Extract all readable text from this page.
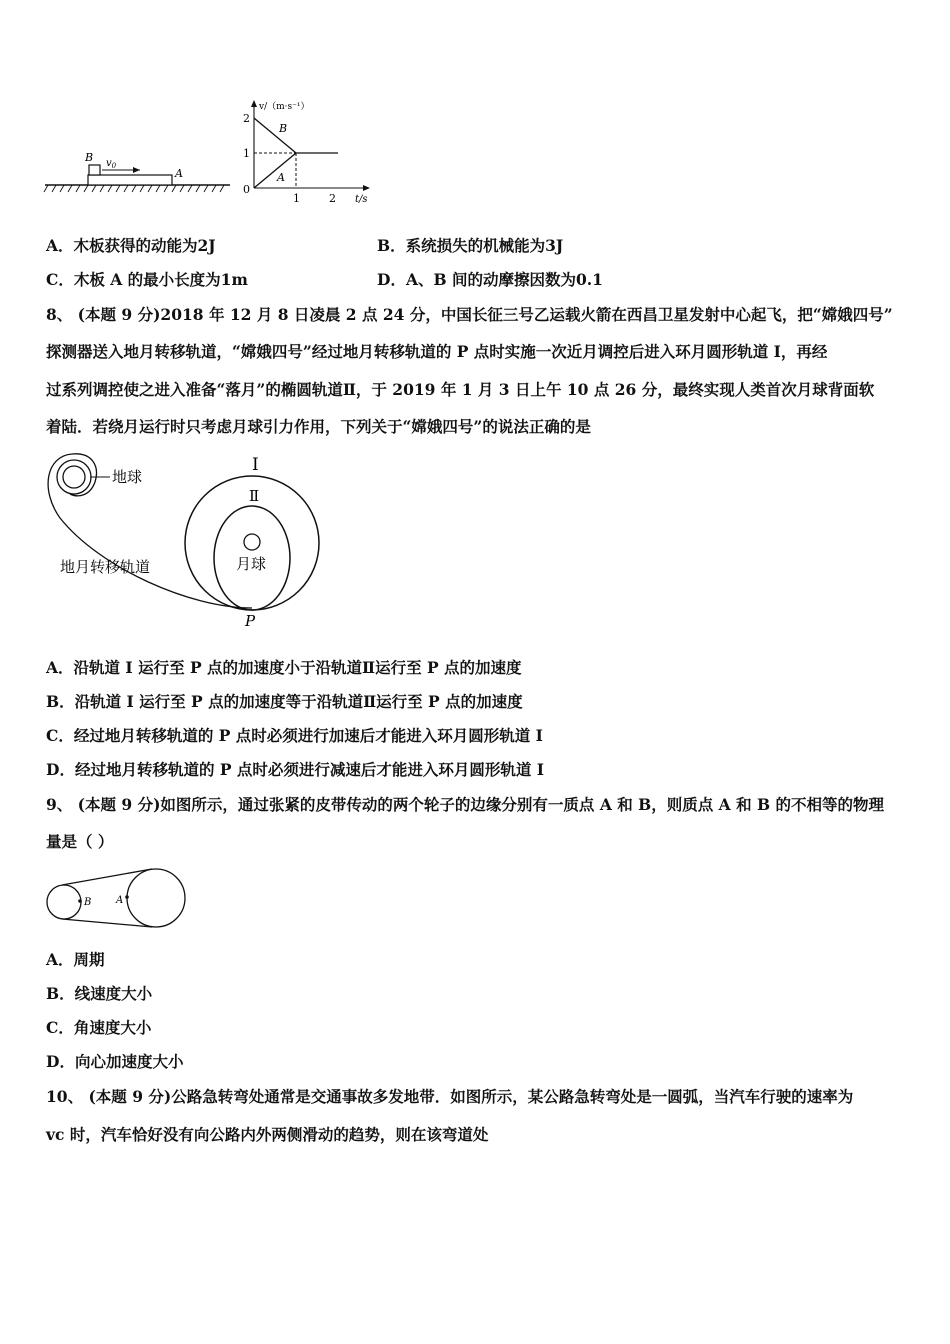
B $v_0$
A
v/（m·s⁻¹）
t/s
2
1
0
1	2
B
A
A．木板获得的动能为2J	B．系统损失的机械能为3J
C．木板 A 的最小长度为1m	D．A、B 间的动摩擦因数为0.1
8、 (本题 9 分)2018 年 12 月 8 日凌晨 2 点 24 分，中国长征三号乙运载火箭在西昌卫星发射中心起飞，把“嫦娥四号”
探测器送入地月转移轨道，“嫦娥四号”经过地月转移轨道的 P 点时实施一次近月调控后进入环月圆形轨道 I，再经
过系列调控使之进入准备“落月”的椭圆轨道Ⅱ，于 2019 年 1 月 3 日上午 10 点 26 分，最终实现人类首次月球背面软
着陆．若绕月运行时只考虑月球引力作用，下列关于“嫦娥四号”的说法正确的是
地球
地月转移轨道
I
Ⅱ
月球
P
A．沿轨道 I 运行至 P 点的加速度小于沿轨道Ⅱ运行至 P 点的加速度
B．沿轨道 I 运行至 P 点的加速度等于沿轨道Ⅱ运行至 P 点的加速度
C．经过地月转移轨道的 P 点时必须进行加速后才能进入环月圆形轨道 I
D．经过地月转移轨道的 P 点时必须进行减速后才能进入环月圆形轨道 I
9、 (本题 9 分)如图所示，通过张紧的皮带传动的两个轮子的边缘分别有一质点 A 和 B，则质点 A 和 B 的不相等的物理
量是（ ）
B A
A．周期
B．线速度大小
C．角速度大小
D．向心加速度大小
10、 (本题 9 分)公路急转弯处通常是交通事故多发地带．如图所示，某公路急转弯处是一圆弧，当汽车行驶的速率为
vc 时，汽车恰好没有向公路内外两侧滑动的趋势，则在该弯道处
